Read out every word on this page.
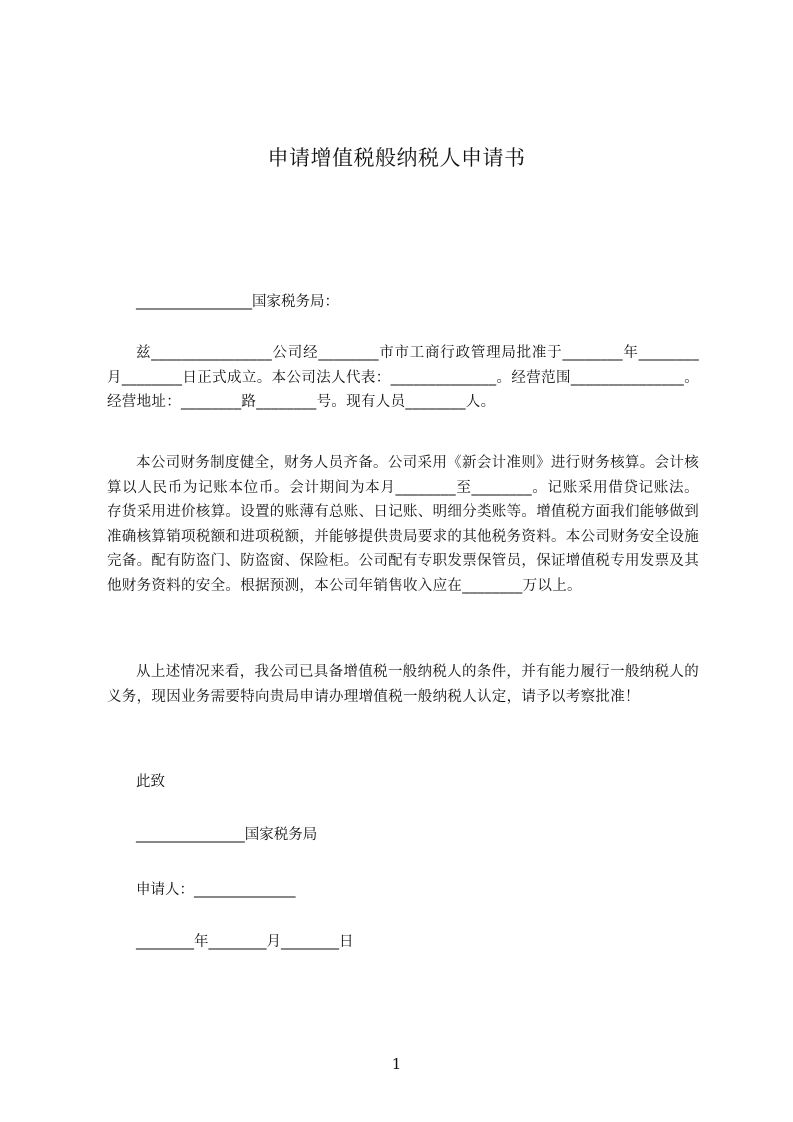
申请增值税般纳税人申请书
________________国家税务局：

兹________________公司经________市市工商行政管理局批准于________年________月________日正式成立。本公司法人代表：______________。经营范围_______________。经营地址：________路________号。现有人员________人。

本公司财务制度健全，财务人员齐备。公司采用《新会计准则》进行财务核算。会计核算以人民币为记账本位币。会计期间为本月________至________。记账采用借贷记账法。存货采用进价核算。设置的账薄有总账、日记账、明细分类账等。增值税方面我们能够做到准确核算销项税额和进项税额，并能够提供贵局要求的其他税务资料。本公司财务安全设施完备。配有防盗门、防盗窗、保险柜。公司配有专职发票保管员，保证增值税专用发票及其他财务资料的安全。根据预测，本公司年销售收入应在________万以上。

从上述情况来看，我公司已具备增值税一般纳税人的条件，并有能力履行一般纳税人的义务，现因业务需要特向贵局申请办理增值税一般纳税人认定，请予以考察批准！

此致
_______________国家税务局
申请人：______________
________年________月________日
1
